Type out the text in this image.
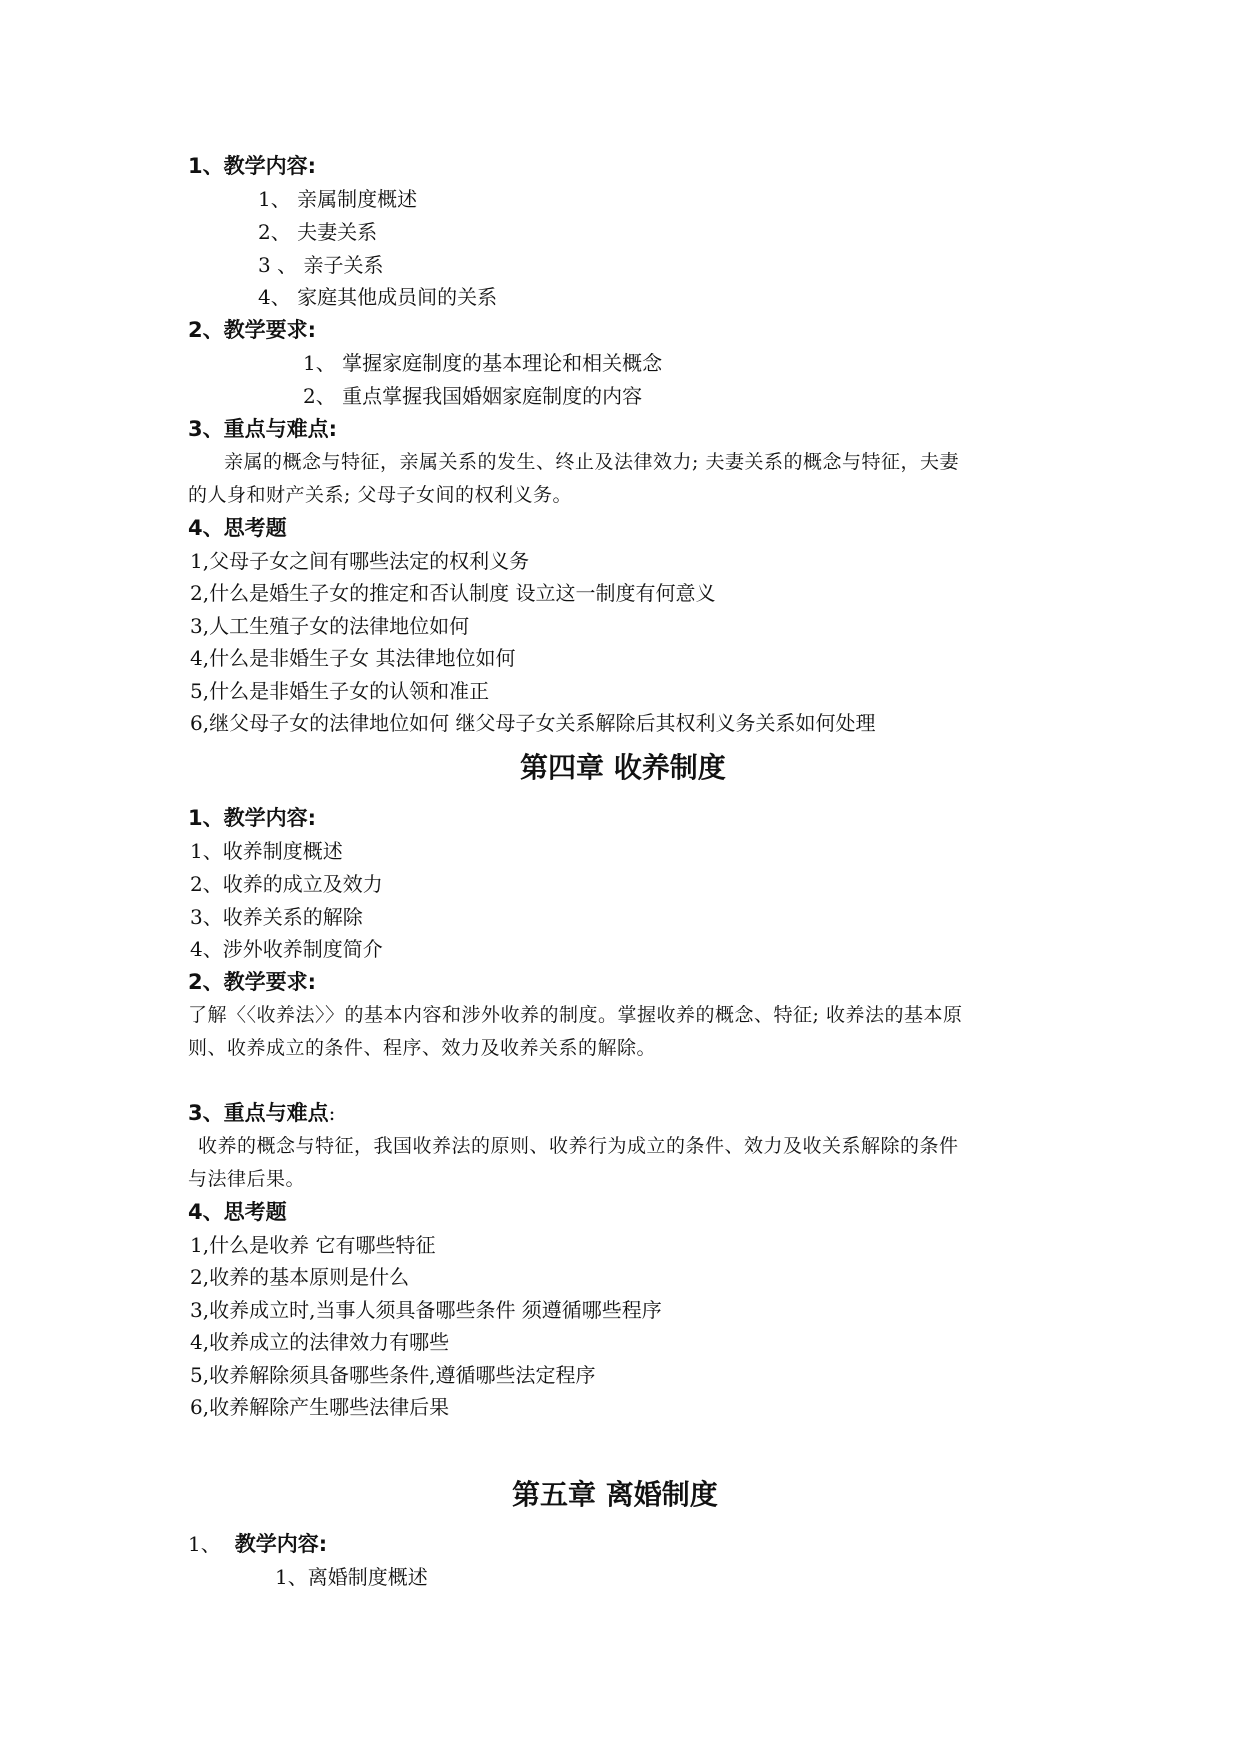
1、教学内容:
1、 亲属制度概述
2、 夫妻关系
3 、 亲子关系
4、 家庭其他成员间的关系
2、教学要求:
1、 掌握家庭制度的基本理论和相关概念
2、 重点掌握我国婚姻家庭制度的内容
3、重点与难点:
亲属的概念与特征，亲属关系的发生、终止及法律效力; 夫妻关系的概念与特征，夫妻
的人身和财产关系; 父母子女间的权利义务。
4、思考题
1,父母子女之间有哪些法定的权利义务
2,什么是婚生子女的推定和否认制度 设立这一制度有何意义
3,人工生殖子女的法律地位如何
4,什么是非婚生子女 其法律地位如何
5,什么是非婚生子女的认领和准正
6,继父母子女的法律地位如何 继父母子女关系解除后其权利义务关系如何处理
第四章 收养制度
1、教学内容:
1、收养制度概述
2、收养的成立及效力
3、收养关系的解除
4、涉外收养制度简介
2、教学要求:
了解〈〈收养法〉〉的基本内容和涉外收养的制度。掌握收养的概念、特征; 收养法的基本原
则、收养成立的条件、程序、效力及收养关系的解除。
3、重点与难点:
收养的概念与特征，我国收养法的原则、收养行为成立的条件、效力及收关系解除的条件
与法律后果。
4、思考题
1,什么是收养 它有哪些特征
2,收养的基本原则是什么
3,收养成立时,当事人须具备哪些条件 须遵循哪些程序
4,收养成立的法律效力有哪些
5,收养解除须具备哪些条件,遵循哪些法定程序
6,收养解除产生哪些法律后果
第五章 离婚制度
1、 教学内容:
1、离婚制度概述
